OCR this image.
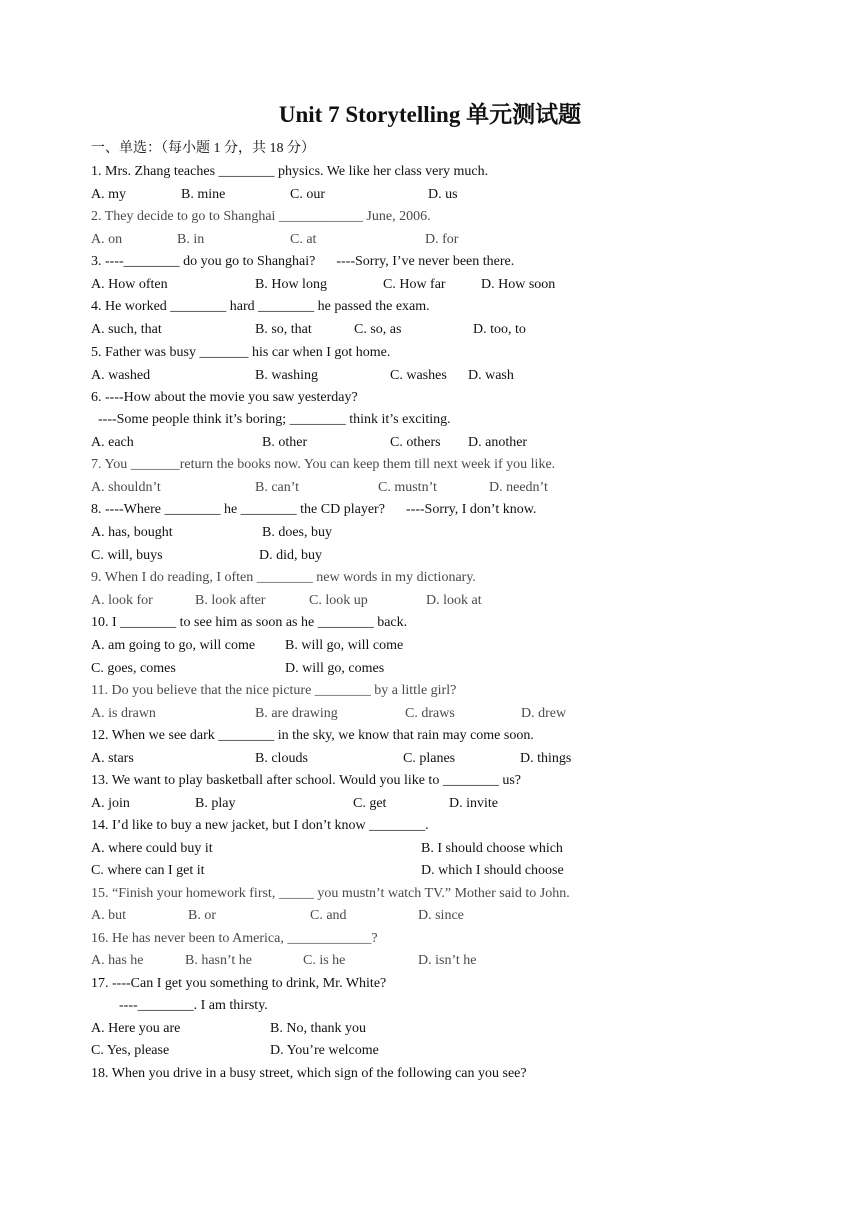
Unit 7 Storytelling 单元测试题
一、单选：（每小题 1 分，共 18 分）
1. Mrs. Zhang teaches ________ physics. We like her class very much.

A. my

	B. mine

	C. our

	D. us

2. They decide to go to Shanghai ____________ June, 2006.

A. on

	B. in

	C. at

	D. for

3. ----________ do you go to Shanghai?      ----Sorry, I’ve never been there.

A. How often

	B. How long

	C. How far

	D. How soon

4. He worked ________ hard ________ he passed the exam.

A. such, that

	B. so, that

	C. so, as

	D. too, to

5. Father was busy _______ his car when I got home.

A. washed

	B. washing

	C. washes

D. wash

6. ----How about the movie you saw yesterday?
----Some people think it’s boring; ________ think it’s exciting.

A. each

	B. other

	C. others

D. another

7. You _______return the books now. You can keep them till next week if you like.

A. shouldn’t

	B. can’t

	C. mustn’t

	D. needn’t

8. ----Where ________ he ________ the CD player?      ----Sorry, I don’t know.

A. has, bought

	B. does, buy

C. will, buys

	D. did, buy

9. When I do reading, I often ________ new words in my dictionary.

A. look for

	B. look after

	C. look up

	D. look at

10. I ________ to see him as soon as he ________ back.

A. am going to go, will come

B. will go, will come

C. goes, comes

	D. will go, comes

11. Do you believe that the nice picture ________ by a little girl?

A. is drawn

	B. are drawing

	C. draws

	D. drew

12. When we see dark ________ in the sky, we know that rain may come soon.

A. stars

	B. clouds

	C. planes

	D. things

13. We want to play basketball after school. Would you like to ________ us?

A. join

	B. play

	C. get

	D. invite

14. I’d like to buy a new jacket, but I don’t know ________.

A. where could buy it

	B. I should choose which

C. where can I get it

	D. which I should choose

15. “Finish your homework first, _____ you mustn’t watch TV.” Mother said to John.

A. but

	B. or

	C. and

	D. since

16. He has never been to America, ____________?

A. has he

	B. hasn’t he

	C. is he

	D. isn’t he

17. ----Can I get you something to drink, Mr. White?
----________. I am thirsty.

A. Here you are

	B. No, thank you

C. Yes, please

	D. You’re welcome

18. When you drive in a busy street, which sign of the following can you see?
